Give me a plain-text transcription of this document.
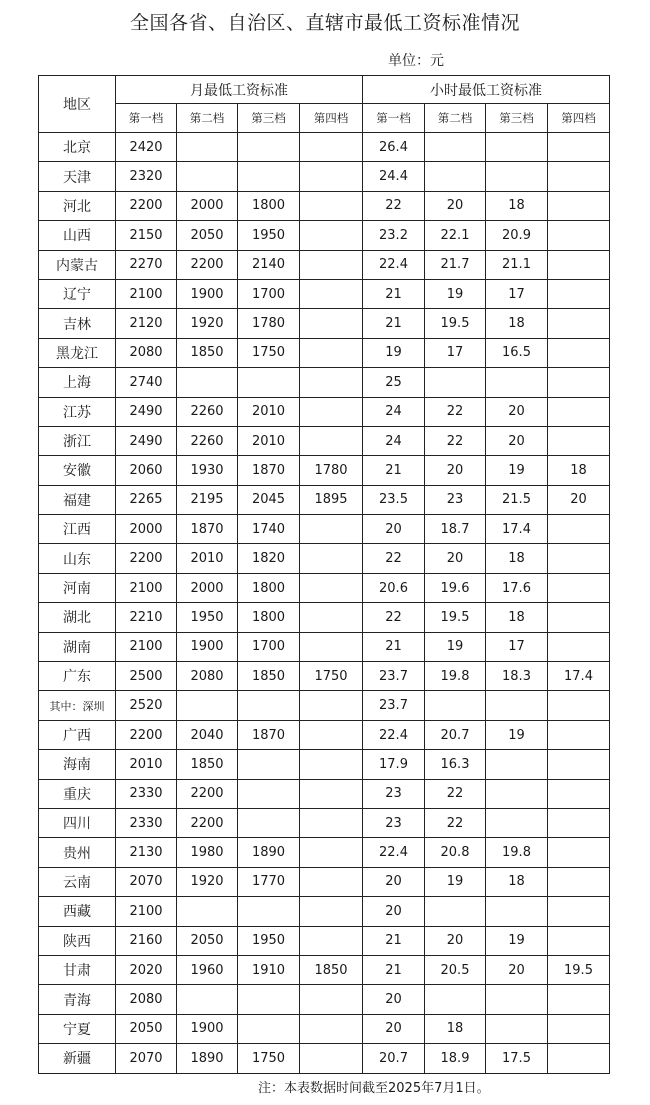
全国各省、自治区、直辖市最低工资标准情况
单位：元
地区	月最低工资标准				小时最低工资标准			
	第一档	第二档	第三档	第四档	第一档	第二档	第三档	第四档
北京	2420				26.4			
天津	2320				24.4			
河北	2200	2000	1800		22	20	18	
山西	2150	2050	1950		23.2	22.1	20.9	
内蒙古	2270	2200	2140		22.4	21.7	21.1	
辽宁	2100	1900	1700		21	19	17	
吉林	2120	1920	1780		21	19.5	18	
黑龙江	2080	1850	1750		19	17	16.5	
上海	2740				25			
江苏	2490	2260	2010		24	22	20	
浙江	2490	2260	2010		24	22	20	
安徽	2060	1930	1870	1780	21	20	19	18
福建	2265	2195	2045	1895	23.5	23	21.5	20
江西	2000	1870	1740		20	18.7	17.4	
山东	2200	2010	1820		22	20	18	
河南	2100	2000	1800		20.6	19.6	17.6	
湖北	2210	1950	1800		22	19.5	18	
湖南	2100	1900	1700		21	19	17	
广东	2500	2080	1850	1750	23.7	19.8	18.3	17.4
其中：深圳	2520				23.7			
广西	2200	2040	1870		22.4	20.7	19	
海南	2010	1850			17.9	16.3		
重庆	2330	2200			23	22		
四川	2330	2200			23	22		
贵州	2130	1980	1890		22.4	20.8	19.8	
云南	2070	1920	1770		20	19	18	
西藏	2100				20			
陕西	2160	2050	1950		21	20	19	
甘肃	2020	1960	1910	1850	21	20.5	20	19.5
青海	2080				20			
宁夏	2050	1900			20	18		
新疆	2070	1890	1750		20.7	18.9	17.5	
注：本表数据时间截至2025年7月1日。
